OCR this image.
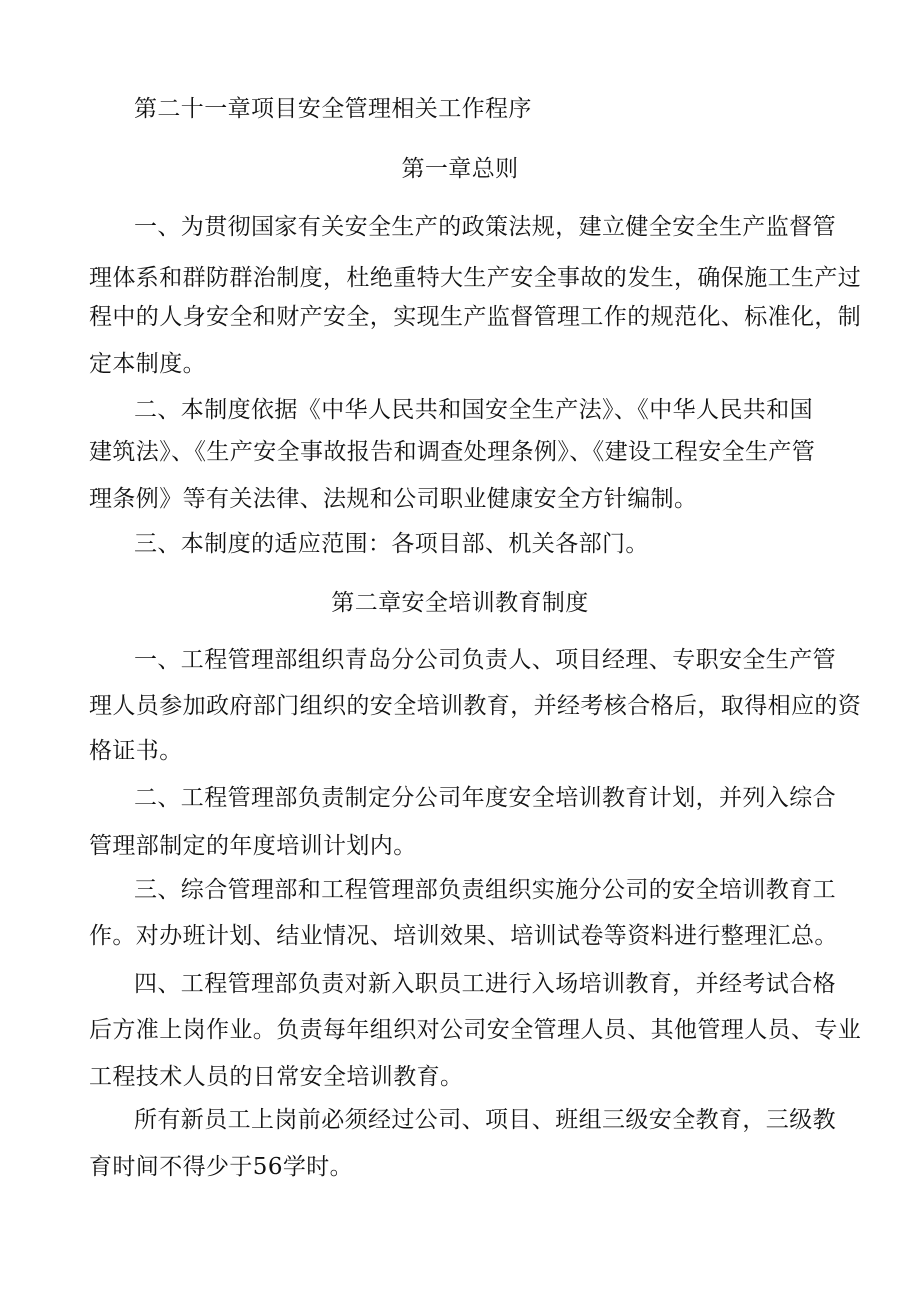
第二十一章项目安全管理相关工作程序
第一章总则
一、为贯彻国家有关安全生产的政策法规，建立健全安全生产监督管
理体系和群防群治制度，杜绝重特大生产安全事故的发生，确保施工生产过
程中的人身安全和财产安全，实现生产监督管理工作的规范化、标准化，制
定本制度。
二、本制度依据《中华人民共和国安全生产法》、《中华人民共和国
建筑法》、《生产安全事故报告和调查处理条例》、《建设工程安全生产管
理条例》等有关法律、法规和公司职业健康安全方针编制。
三、本制度的适应范围：各项目部、机关各部门。
第二章安全培训教育制度
一、工程管理部组织青岛分公司负责人、项目经理、专职安全生产管
理人员参加政府部门组织的安全培训教育，并经考核合格后，取得相应的资
格证书。
二、工程管理部负责制定分公司年度安全培训教育计划，并列入综合
管理部制定的年度培训计划内。
三、综合管理部和工程管理部负责组织实施分公司的安全培训教育工
作。对办班计划、结业情况、培训效果、培训试卷等资料进行整理汇总。
四、工程管理部负责对新入职员工进行入场培训教育，并经考试合格
后方准上岗作业。负责每年组织对公司安全管理人员、其他管理人员、专业
工程技术人员的日常安全培训教育。
所有新员工上岗前必须经过公司、项目、班组三级安全教育，三级教
育时间不得少于56学时。
